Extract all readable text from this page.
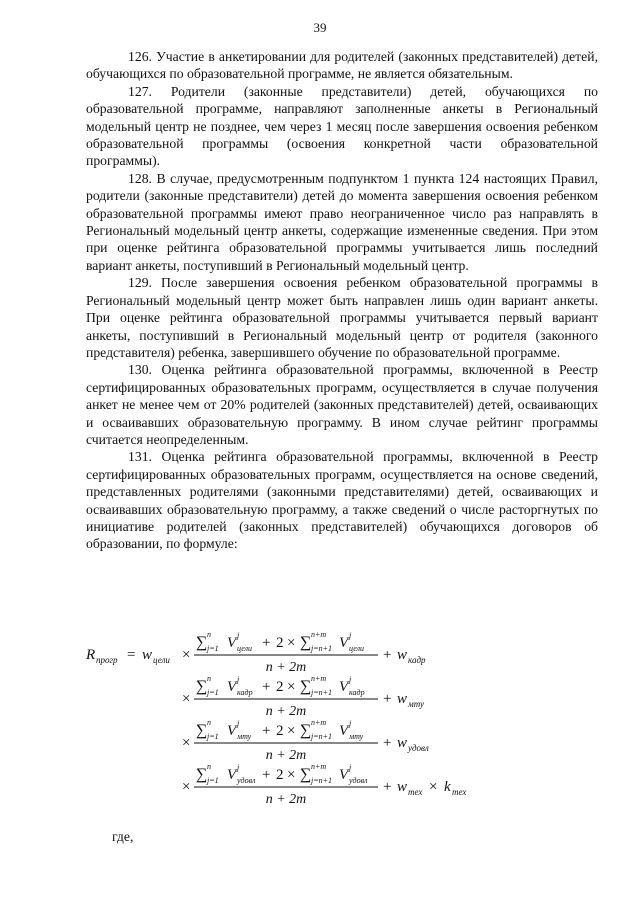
39

126. Участие в анкетировании для родителей (законных представителей) детей, обучающихся по образовательной программе, не является обязательным.

127. Родители (законные представители) детей, обучающихся по образовательной программе, направляют заполненные анкеты в Региональный модельный центр не позднее, чем через 1 месяц после завершения освоения ребенком образовательной программы (освоения конкретной части образовательной программы).

128. В случае, предусмотренным подпунктом 1 пункта 124 настоящих Правил, родители (законные представители) детей до момента завершения освоения ребенком образовательной программы имеют право неограниченное число раз направлять в Региональный модельный центр анкеты, содержащие измененные сведения. При этом при оценке рейтинга образовательной программы учитывается лишь последний вариант анкеты, поступивший в Региональный модельный центр.

129. После завершения освоения ребенком образовательной программы в Региональный модельный центр может быть направлен лишь один вариант анкеты. При оценке рейтинга образовательной программы учитывается первый вариант анкеты, поступивший в Региональный модельный центр от родителя (законного представителя) ребенка, завершившего обучение по образовательной программе.

130. Оценка рейтинга образовательной программы, включенной в Реестр сертифицированных образовательных программ, осуществляется в случае получения анкет не менее чем от 20% родителей (законных представителей) детей, осваивающих и осваивавших образовательную программу. В ином случае рейтинг программы считается неопределенным.

131. Оценка рейтинга образовательной программы, включенной в Реестр сертифицированных образовательных программ, осуществляется на основе сведений, представленных родителями (законными представителями) детей, осваивающих и осваивавших образовательную программу, а также сведений о числе расторгнутых по инициативе родителей (законных представителей) обучающихся договоров об образовании, по формуле:

R прогр = w цели ×
∑ n
j=1 V j
цели + 2 × ∑ n+m
j=n+1 V j
цели
n + 2m
+ w кадр
×
∑ n
j=1 V j
кадр + 2 × ∑ n+m
j=n+1 V j
кадр
n + 2m
+ w мту
×
∑ n
j=1 V j
мту + 2 × ∑ n+m
j=n+1 V j
мту
n + 2m
+ w удовл
×
∑ n
j=1 V j
удовл + 2 × ∑ n+m
j=n+1 V j
удовл
n + 2m
+ w тех × k тех
где,
